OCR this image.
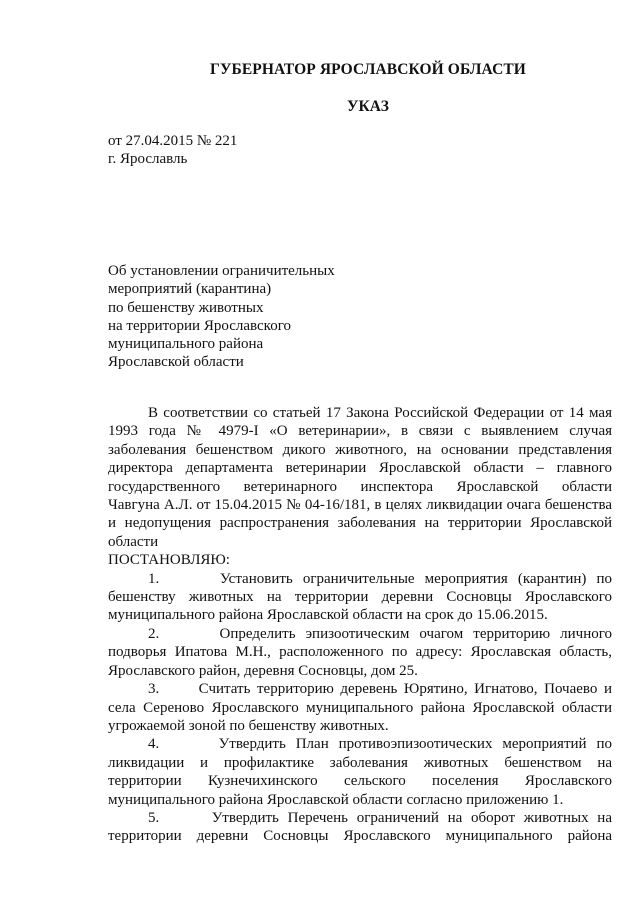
ГУБЕРНАТОР ЯРОСЛАВСКОЙ ОБЛАСТИ
УКАЗ
от 27.04.2015 № 221
г. Ярославль
Об установлении ограничительных
мероприятий (карантина)
по бешенству животных
на территории Ярославского
муниципального района
Ярославской области
В соответствии со статьей 17 Закона Российской Федерации от 14 мая
1993 года № 4979-I «О ветеринарии», в связи с выявлением случая
заболевания бешенством дикого животного, на основании представления
директора департамента ветеринарии Ярославской области – главного
государственного ветеринарного инспектора Ярославской области
Чавгуна А.Л. от 15.04.2015 № 04-16/181, в целях ликвидации очага бешенства
и недопущения распространения заболевания на территории Ярославской
области
ПОСТАНОВЛЯЮ:
1.	Установить ограничительные мероприятия (карантин) по
бешенству животных на территории деревни Сосновцы Ярославского
муниципального района Ярославской области на срок до 15.06.2015.
2.	Определить эпизоотическим очагом территорию личного
подворья Ипатова М.Н., расположенного по адресу: Ярославская область,
Ярославского район, деревня Сосновцы, дом 25.
3.	Считать территорию деревень Юрятино, Игнатово, Почаево и
села Сереново Ярославского муниципального района Ярославской области
угрожаемой зоной по бешенству животных.
4.	Утвердить План противоэпизоотических мероприятий по
ликвидации и профилактике заболевания животных бешенством на
территории Кузнечихинского сельского поселения Ярославского
муниципального района Ярославской области согласно приложению 1.
5.	Утвердить Перечень ограничений на оборот животных на
территории деревни Сосновцы Ярославского муниципального района
